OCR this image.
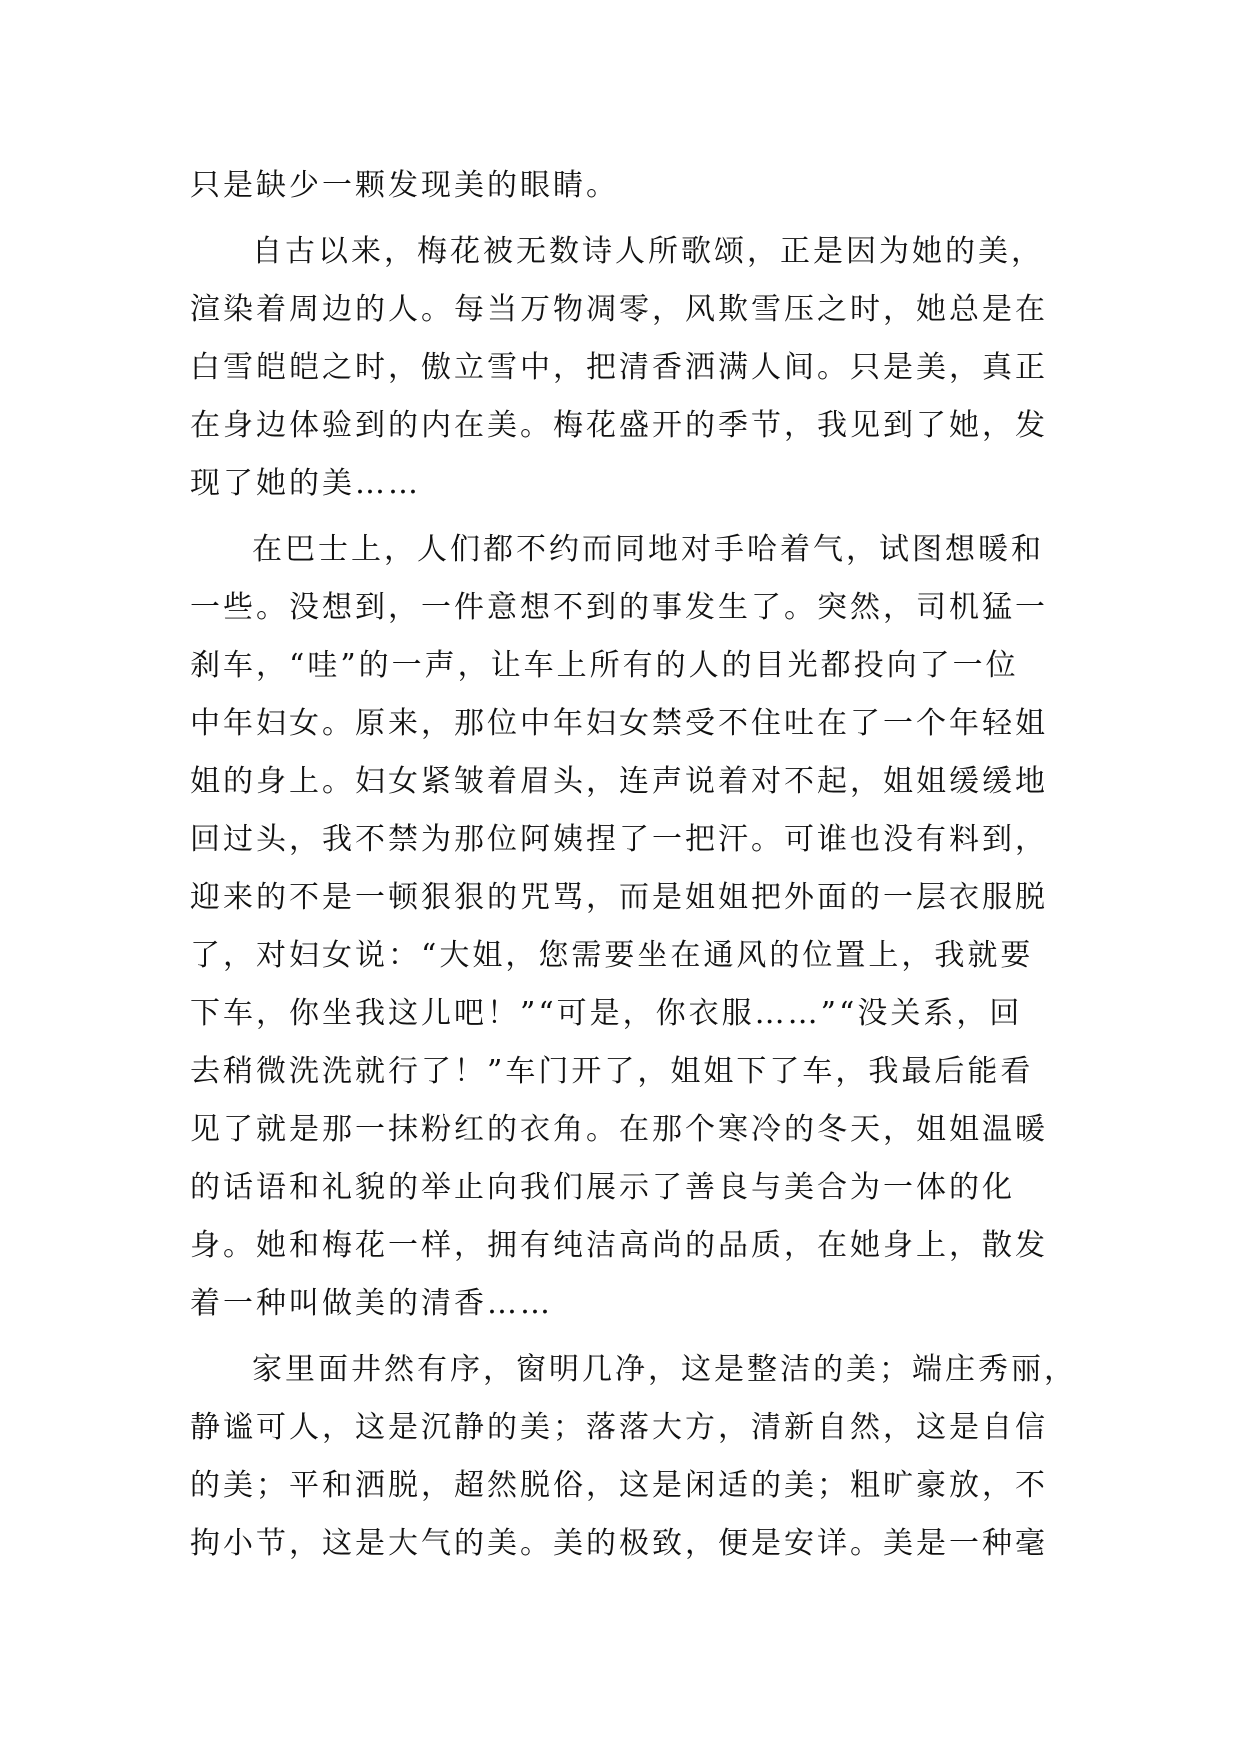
只是缺少一颗发现美的眼睛。
自古以来，梅花被无数诗人所歌颂，正是因为她的美，
渲染着周边的人。每当万物凋零，风欺雪压之时，她总是在
白雪皑皑之时，傲立雪中，把清香洒满人间。只是美，真正
在身边体验到的内在美。梅花盛开的季节，我见到了她，发
现了她的美……
在巴士上，人们都不约而同地对手哈着气，试图想暖和
一些。没想到，一件意想不到的事发生了。突然，司机猛一
刹车，“哇”的一声，让车上所有的人的目光都投向了一位
中年妇女。原来，那位中年妇女禁受不住吐在了一个年轻姐
姐的身上。妇女紧皱着眉头，连声说着对不起，姐姐缓缓地
回过头，我不禁为那位阿姨捏了一把汗。可谁也没有料到，
迎来的不是一顿狠狠的咒骂，而是姐姐把外面的一层衣服脱
了，对妇女说：“大姐，您需要坐在通风的位置上，我就要
下车，你坐我这儿吧！”“可是，你衣服……”“没关系，回
去稍微洗洗就行了！”车门开了，姐姐下了车，我最后能看
见了就是那一抹粉红的衣角。在那个寒冷的冬天，姐姐温暖
的话语和礼貌的举止向我们展示了善良与美合为一体的化
身。她和梅花一样，拥有纯洁高尚的品质，在她身上，散发
着一种叫做美的清香……
家里面井然有序，窗明几净，这是整洁的美；端庄秀丽，
静谧可人，这是沉静的美；落落大方，清新自然，这是自信
的美；平和洒脱，超然脱俗，这是闲适的美；粗旷豪放，不
拘小节，这是大气的美。美的极致，便是安详。美是一种毫
